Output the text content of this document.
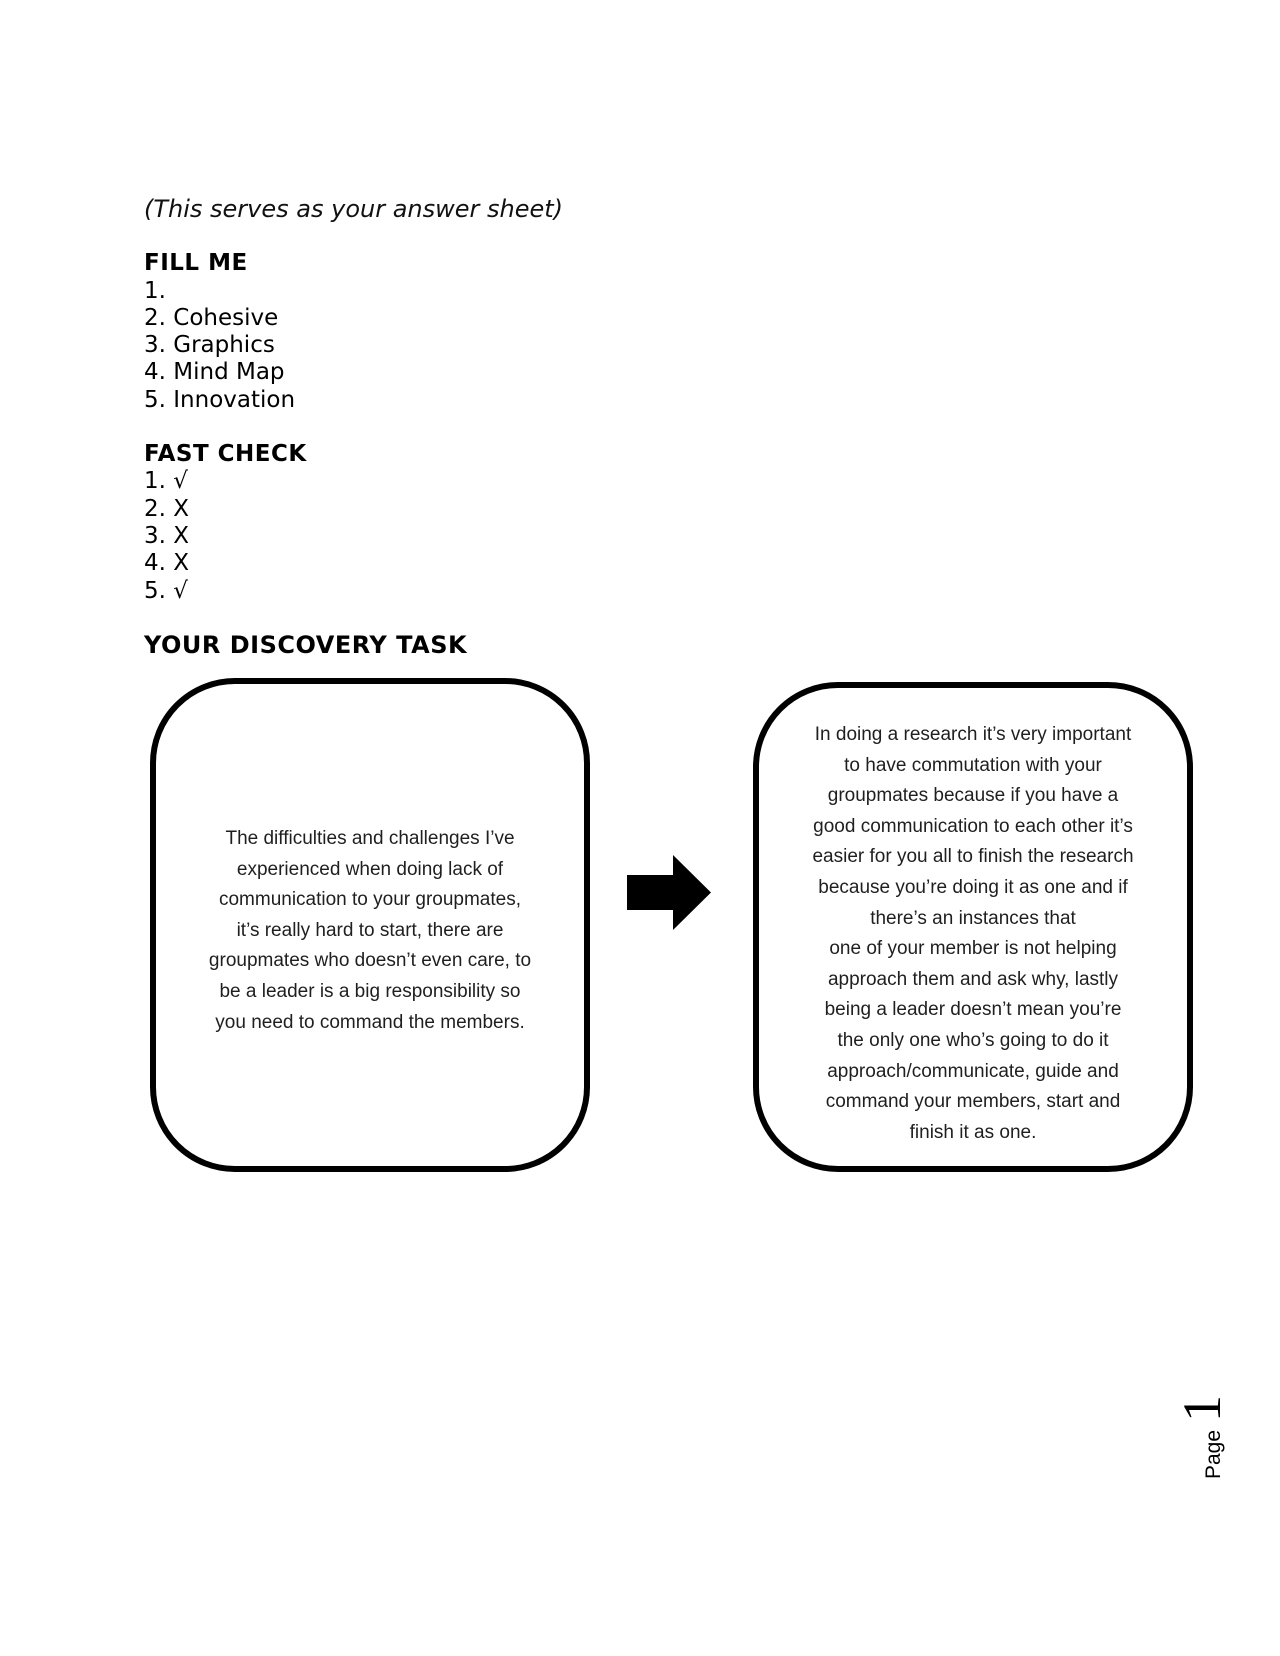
(This serves as your answer sheet)
FILL ME
1.
2. Cohesive
3. Graphics
4. Mind Map
5. Innovation
FAST CHECK
1. √
2. X
3. X
4. X
5. √
YOUR DISCOVERY TASK
The difficulties and challenges I’ve
experienced when doing lack of
communication to your groupmates,
it’s really hard to start, there are
groupmates who doesn’t even care, to
be a leader is a big responsibility so
you need to command the members.
In doing a research it’s very important
to have commutation with your
groupmates because if you have a
good communication to each other it’s
easier for you all to finish the research
because you’re doing it as one and if
there’s an instances that
one of your member is not helping
approach them and ask why, lastly
being a leader doesn’t mean you’re
the only one who’s going to do it
approach/communicate, guide and
command your members, start and
finish it as one.
Page
1
